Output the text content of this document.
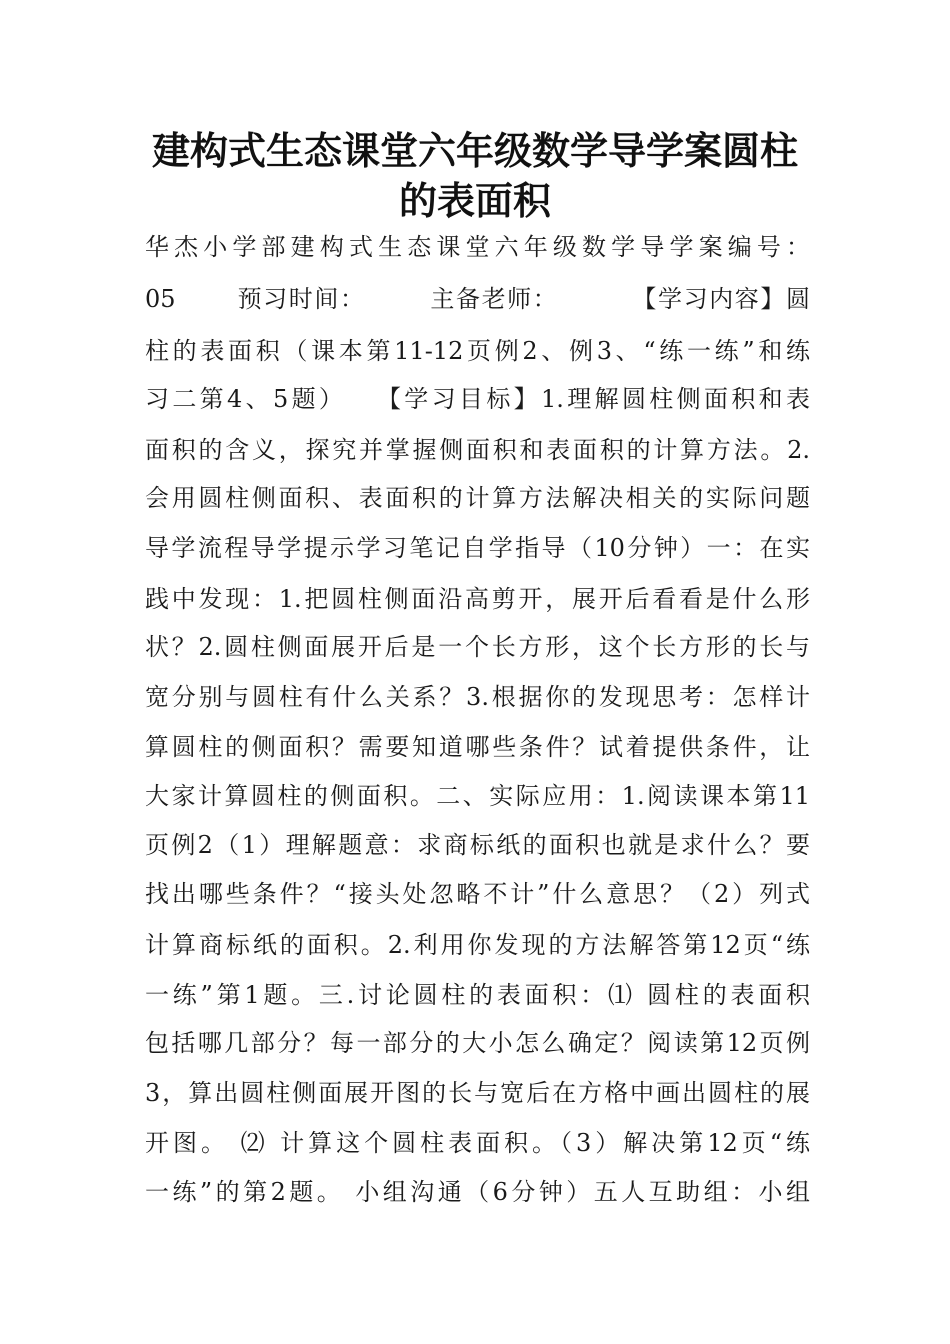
建构式生态课堂六年级数学导学案圆柱
的表面积
华杰小学部建构式生态课堂六年级数学导学案编号：
05　　 预习时间：　　　主备老师：　　　 【学习内容】圆
柱的表面积（课本第11-12页例2、例3、“练一练”和练
习二第4、5题）　　【学习目标】1.理解圆柱侧面积和表
面积的含义，探究并掌握侧面积和表面积的计算方法。2.
会用圆柱侧面积、表面积的计算方法解决相关的实际问题
导学流程导学提示学习笔记自学指导（10分钟）一：在实
践中发现：1.把圆柱侧面沿高剪开，展开后看看是什么形
状？2.圆柱侧面展开后是一个长方形，这个长方形的长与
宽分别与圆柱有什么关系？3.根据你的发现思考：怎样计
算圆柱的侧面积？需要知道哪些条件？试着提供条件，让
大家计算圆柱的侧面积。二、实际应用：1.阅读课本第11
页例2（1）理解题意：求商标纸的面积也就是求什么？要
找出哪些条件？“接头处忽略不计”什么意思？（2）列式
计算商标纸的面积。2.利用你发现的方法解答第12页“练
一练”第1题。三.讨论圆柱的表面积：⑴ 圆柱的表面积
包括哪几部分？每一部分的大小怎么确定？阅读第12页例
3，算出圆柱侧面展开图的长与宽后在方格中画出圆柱的展
开图。 ⑵ 计算这个圆柱表面积。（3）解决第12页“练
一练”的第2题。 小组沟通（6分钟）五人互助组：小组
